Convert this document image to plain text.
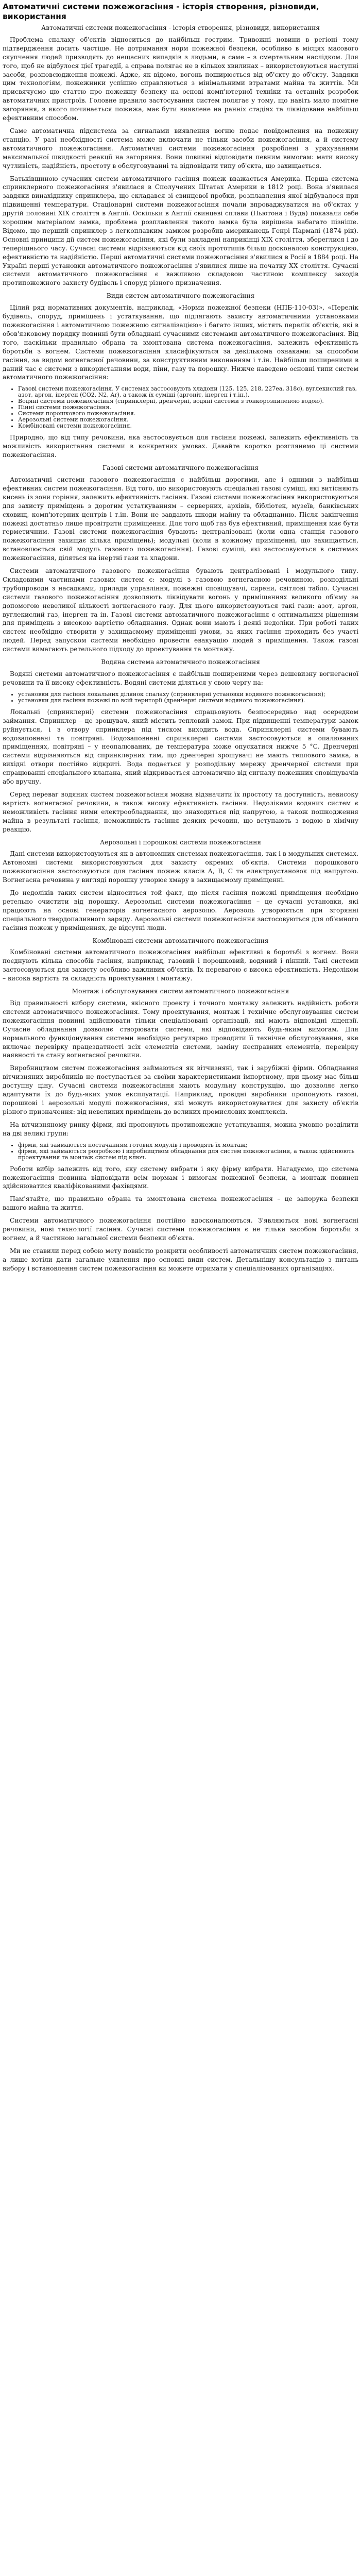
Автоматичні системи пожежогасіння - історія створення, різновиди, використання
Автоматичні системи пожежогасіння - історія створення, різновиди, використання

Проблема спалаху об'єктів відноситься до найбільш гострим. Тривожні новини в регіоні тому підтвердження досить частіше. Не дотримання норм пожежної безпеки, особливо в місцях масового скупчення людей призводять до нещасних випадків з людьми, а саме – з смертельним наслідком. Для того, щоб не відбулося цієї трагедії, а справа полягає не в кількох хвилинах – використовуються наступні засоби, розповсюдження пожежі. Адже, як відомо, вогонь поширюється від об'єкту до об'єкту. Завдяки цим технологіям, пожежники успішно справляються з мінімальними втратами майна та життів. Ми присвячуємо цю статтю про пожежну безпеку на основі комп'ютерної техніки та останніх розробок автоматичних пристроїв. Головне правило застосування систем полягає у тому, що навіть мало помітне загоряння, з якого починається пожежа, має бути виявлене на ранніх стадіях та ліквідоване найбільш ефективним способом.

Саме автоматична підсистема за сигналами виявлення вогню подає повідомлення на пожежну станцію. У разі необхідності система може включати не тільки засоби пожежогасіння, а й систему автоматичного пожежогасіння. Автоматичні системи пожежогасіння розроблені з урахуванням максимальної швидкості реакції на загоряння. Вони повинні відповідати певним вимогам: мати високу чутливість, надійність, простоту в обслуговуванні та відповідати типу об'єкта, що захищається.

Батьківщиною сучасних систем автоматичного гасіння пожеж вважається Америка. Перша система спринклерного пожежогасіння з'явилася в Сполучених Штатах Америки в 1812 році. Вона з'явилася завдяки винахіднику спринклера, що складався зі свинцевої пробки, розплавлення якої відбувалося при підвищенні температури. Стаціонарні системи пожежогасіння почали впроваджуватися на об'єктах у другій половині XIX століття в Англії. Оскільки в Англії свинцеві сплави (Ньютона і Вуда) показали себе хорошим матеріалом замка, проблема розплавлення такого замка була вирішена набагато пізніше. Відомо, що перший спринклер з легкоплавким замком розробив американець Генрі Пармалі (1874 рік). Основні принципи дії систем пожежогасіння, які були закладені наприкінці XIX століття, збереглися і до теперішнього часу. Сучасні системи відрізняються від своїх прототипів більш досконалою конструкцією, ефективністю та надійністю. Перші автоматичні системи пожежогасіння з'явилися в Росії в 1884 році. На Україні перші установки автоматичного пожежогасіння з'явилися лише на початку XX століття. Сучасні системи автоматичного пожежогасіння є важливою складовою частиною комплексу заходів протипожежного захисту будівель і споруд різного призначення.

Види систем автоматичного пожежогасіння

Цілий ряд нормативних документів, наприклад, «Норми пожежної безпеки (НПБ-110-03)», «Перелік будівель, споруд, приміщень і устаткування, що підлягають захисту автоматичними установками пожежогасіння і автоматичною пожежною сигналізацією» і багато інших, містять перелік об'єктів, які в обов'язковому порядку повинні бути обладнані сучасними системами автоматичного пожежогасіння. Від того, наскільки правильно обрана та змонтована система пожежогасіння, залежить ефективність боротьби з вогнем. Системи пожежогасіння класифікуються за декількома ознаками: за способом гасіння, за видом вогнегасної речовини, за конструктивним виконанням і т.ін. Найбільш поширеними в даний час є системи з використанням води, піни, газу та порошку. Нижче наведено основні типи систем автоматичного пожежогасіння:

• Газові системи пожежогасіння. У системах застосовують хладони (125, 125, 218, 227ea, 318c), вуглекислий газ, азот, аргон, інерген (CO2, N2, Ar), а також їх суміші (аргоніт, інерген і т.ін.).
• Водяні системи пожежогасіння (спринклерні, дренчерні, водяні системи з тонкорозпиленою водою).
• Пінні системи пожежогасіння.
• Системи порошкового пожежогасіння.
• Аерозольні системи пожежогасіння.
• Комбіновані системи пожежогасіння.

Природно, що від типу речовини, яка застосовується для гасіння пожежі, залежить ефективність та можливість використання системи в конкретних умовах. Давайте коротко розглянемо ці системи пожежогасіння.

Газові системи автоматичного пожежогасіння

Автоматичні системи газового пожежогасіння є найбільш дорогими, але і одними з найбільш ефективних систем пожежогасіння. Від того, що використовують спеціальні газові суміші, які витісняють кисень із зони горіння, залежить ефективність гасіння. Газові системи пожежогасіння використовуються для захисту приміщень з дорогим устаткуванням – серверних, архівів, бібліотек, музеїв, банківських сховищ, комп'ютерних центрів і т.ін. Вони не завдають шкоди майну та обладнанню. Після закінчення пожежі достатньо лише провітрити приміщення. Для того щоб газ був ефективний, приміщення має бути герметичним. Газові системи пожежогасіння бувають: централізовані (коли одна станція газового пожежогасіння захищає кілька приміщень); модульні (коли в кожному приміщенні, що захищається, встановлюється свій модуль газового пожежогасіння). Газові суміші, які застосовуються в системах пожежогасіння, діляться на інертні гази та хладони.

Системи автоматичного газового пожежогасіння бувають централізовані і модульного типу. Складовими частинами газових систем є: модулі з газовою вогнегасною речовиною, розподільні трубопроводи з насадками, прилади управління, пожежні сповіщувачі, сирени, світлові табло. Сучасні системи газового пожежогасіння дозволяють ліквідувати вогонь у приміщеннях великого об'єму за допомогою невеликої кількості вогнегасного газу. Для цього використовуються такі гази: азот, аргон, вуглекислий газ, інерген та ін. Газові системи автоматичного пожежогасіння є оптимальним рішенням для приміщень з високою вартістю обладнання. Однак вони мають і деякі недоліки. При роботі таких систем необхідно створити у захищаємому приміщенні умови, за яких гасіння проходить без участі людей. Перед запуском системи необхідно провести евакуацію людей з приміщення. Також газові системи вимагають ретельного підходу до проектування та монтажу.

Водяна система автоматичного пожежогасіння

Водяні системи автоматичного пожежогасіння є найбільш поширеними через дешевизну вогнегасної речовини та її високу ефективність. Водяні системи діляться у свою чергу на:

• установки для гасіння локальних ділянок спалаху (спринклерні установки водяного пожежогасіння);
• установки для гасіння пожежі по всій території (дренчерні системи водяного пожежогасіння).

Локальні (спринклерні) системи пожежогасіння спрацьовують безпосередньо над осередком займання. Спринклер – це зрошувач, який містить тепловий замок. При підвищенні температури замок руйнується, і з отвору спринклера під тиском виходить вода. Спринклерні системи бувають водозаповнені та повітряні. Водозаповнені спринклерні системи застосовуються в опалюваних приміщеннях, повітряні – у неопалюваних, де температура може опускатися нижче 5 °С. Дренчерні системи відрізняються від спринклерних тим, що дренчерні зрошувачі не мають теплового замка, а вихідні отвори постійно відкриті. Вода подається у розподільну мережу дренчерної системи при спрацюванні спеціального клапана, який відкривається автоматично від сигналу пожежних сповіщувачів або вручну.

Серед переваг водяних систем пожежогасіння можна відзначити їх простоту та доступність, невисоку вартість вогнегасної речовини, а також високу ефективність гасіння. Недоліками водяних систем є неможливість гасіння ними електрообладнання, що знаходиться під напругою, а також пошкодження майна в результаті гасіння, неможливість гасіння деяких речовин, що вступають з водою в хімічну реакцію.

Аерозольні і порошкові системи пожежогасіння

Дані системи використовуються як в автономних системах пожежогасіння, так і в модульних системах. Автономні системи використовуються для захисту окремих об'єктів. Системи порошкового пожежогасіння застосовуються для гасіння пожеж класів A, B, C та електроустановок під напругою. Вогнегасна речовина у вигляді порошку утворює хмару в захищаємому приміщенні.

До недоліків таких систем відноситься той факт, що після гасіння пожежі приміщення необхідно ретельно очистити від порошку. Аерозольні системи пожежогасіння – це сучасні установки, які працюють на основі генераторів вогнегасного аерозолю. Аерозоль утворюється при згорянні спеціального твердопаливного заряду. Аерозольні системи пожежогасіння застосовуються для об'ємного гасіння пожеж у приміщеннях, де відсутні люди.

Комбіновані системи автоматичного пожежогасіння

Комбіновані системи автоматичного пожежогасіння найбільш ефективні в боротьбі з вогнем. Вони поєднують кілька способів гасіння, наприклад, газовий і порошковий, водяний і пінний. Такі системи застосовуються для захисту особливо важливих об'єктів. Їх перевагою є висока ефективність. Недоліком – висока вартість та складність проектування і монтажу.

Монтаж і обслуговування систем автоматичного пожежогасіння

Від правильності вибору системи, якісного проекту і точного монтажу залежить надійність роботи системи автоматичного пожежогасіння. Тому проектування, монтаж і технічне обслуговування систем пожежогасіння повинні здійснювати тільки спеціалізовані організації, які мають відповідні ліцензії. Сучасне обладнання дозволяє створювати системи, які відповідають будь-яким вимогам. Для нормального функціонування системи необхідно регулярно проводити її технічне обслуговування, яке включає перевірку працездатності всіх елементів системи, заміну несправних елементів, перевірку наявності та стану вогнегасної речовини.

Виробництвом систем пожежогасіння займаються як вітчизняні, так і зарубіжні фірми. Обладнання вітчизняних виробників не поступається за своїми характеристиками імпортному, при цьому має більш доступну ціну. Сучасні системи пожежогасіння мають модульну конструкцію, що дозволяє легко адаптувати їх до будь-яких умов експлуатації. Наприклад, провідні виробники пропонують газові, порошкові і аерозольні модулі пожежогасіння, які можуть використовуватися для захисту об'єктів різного призначення: від невеликих приміщень до великих промислових комплексів.

На вітчизняному ринку фірми, які пропонують протипожежне устаткування, можна умовно розділити на дві великі групи:

• фірми, які займаються постачанням готових модулів і проводять їх монтаж;
• фірми, які займаються розробкою і виробництвом обладнання для систем пожежогасіння, а також здійснюють проектування та монтаж систем під ключ.

Роботи вибір залежить від того, яку систему вибрати і яку фірму вибрати. Нагадуємо, що система пожежогасіння повинна відповідати всім нормам і вимогам пожежної безпеки, а монтаж повинен здійснюватися кваліфікованими фахівцями.

Пам'ятайте, що правильно обрана та змонтована система пожежогасіння – це запорука безпеки вашого майна та життя.

Системи автоматичного пожежогасіння постійно вдосконалюються. З'являються нові вогнегасні речовини, нові технології гасіння. Сучасні системи пожежогасіння є не тільки засобом боротьби з вогнем, а й частиною загальної системи безпеки об'єкта.

Ми не ставили перед собою мету повністю розкрити особливості автоматичних систем пожежогасіння, а лише хотіли дати загальне уявлення про основні види систем. Детальнішу консультацію з питань вибору і встановлення систем пожежогасіння ви можете отримати у спеціалізованих організаціях.
